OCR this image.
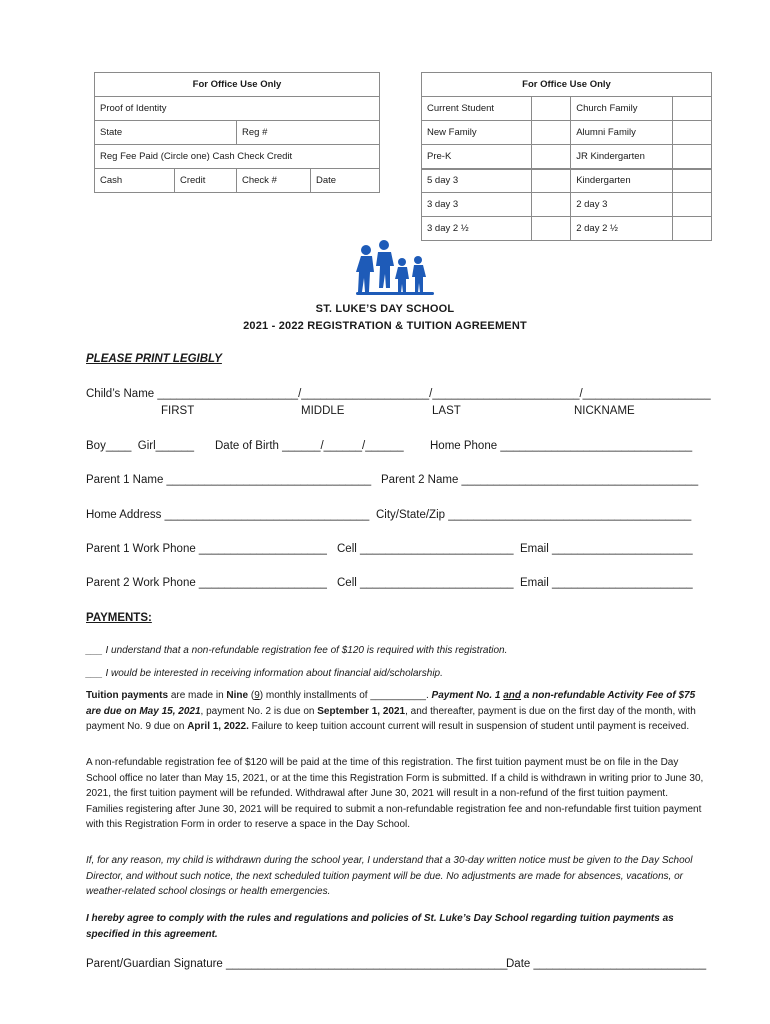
For Office Use Only			
Proof of Identity			
State		Reg #	
Reg Fee Paid (Circle one) Cash Check Credit			
Cash	Credit	Check #	Date
For Office Use Only			
Current Student		Church Family	
New Family		Alumni Family	
Pre-K		JR Kindergarten	
5 day 3		Kindergarten	
3 day 3		2 day 3	
3 day 2 ½		2 day 2 ½	
ST. LUKE’S DAY SCHOOL
2021 - 2022 REGISTRATION & TUITION AGREEMENT
PLEASE PRINT LEGIBLY
Child’s Name ______________________/____________________/_______________________/____________________
FIRST	MIDDLE	LAST	NICKNAME
Boy____  Girl______ Date of Birth ______/______/______ Home Phone ______________________________
Parent 1 Name ________________________________ Parent 2 Name _____________________________________
Home Address ________________________________ City/State/Zip ______________________________________
Parent 1 Work Phone ____________________ Cell ________________________ Email ______________________
Parent 2 Work Phone ____________________ Cell ________________________ Email ______________________
PAYMENTS:
___ I understand that a non-refundable registration fee of $120 is required with this registration.
___ I would be interested in receiving information about financial aid/scholarship.
Tuition payments are made in Nine (9) monthly installments of __________. Payment No. 1 and a non-refundable Activity Fee of $75 are due on May 15, 2021, payment No. 2 is due on September 1, 2021, and thereafter, payment is due on the first day of the month, with payment No. 9 due on April 1, 2022. Failure to keep tuition account current will result in suspension of student until payment is received.
A non-refundable registration fee of $120 will be paid at the time of this registration. The first tuition payment must be on file in the Day School office no later than May 15, 2021, or at the time this Registration Form is submitted. If a child is withdrawn in writing prior to June 30, 2021, the first tuition payment will be refunded. Withdrawal after June 30, 2021 will result in a non-refund of the first tuition payment. Families registering after June 30, 2021 will be required to submit a non-refundable registration fee and non-refundable first tuition payment with this Registration Form in order to reserve a space in the Day School.
If, for any reason, my child is withdrawn during the school year, I understand that a 30-day written notice must be given to the Day School Director, and without such notice, the next scheduled tuition payment will be due. No adjustments are made for absences, vacations, or weather-related school closings or health emergencies.
I hereby agree to comply with the rules and regulations and policies of St. Luke’s Day School regarding tuition payments as specified in this agreement.
Parent/Guardian Signature ____________________________________________
Date ___________________________
